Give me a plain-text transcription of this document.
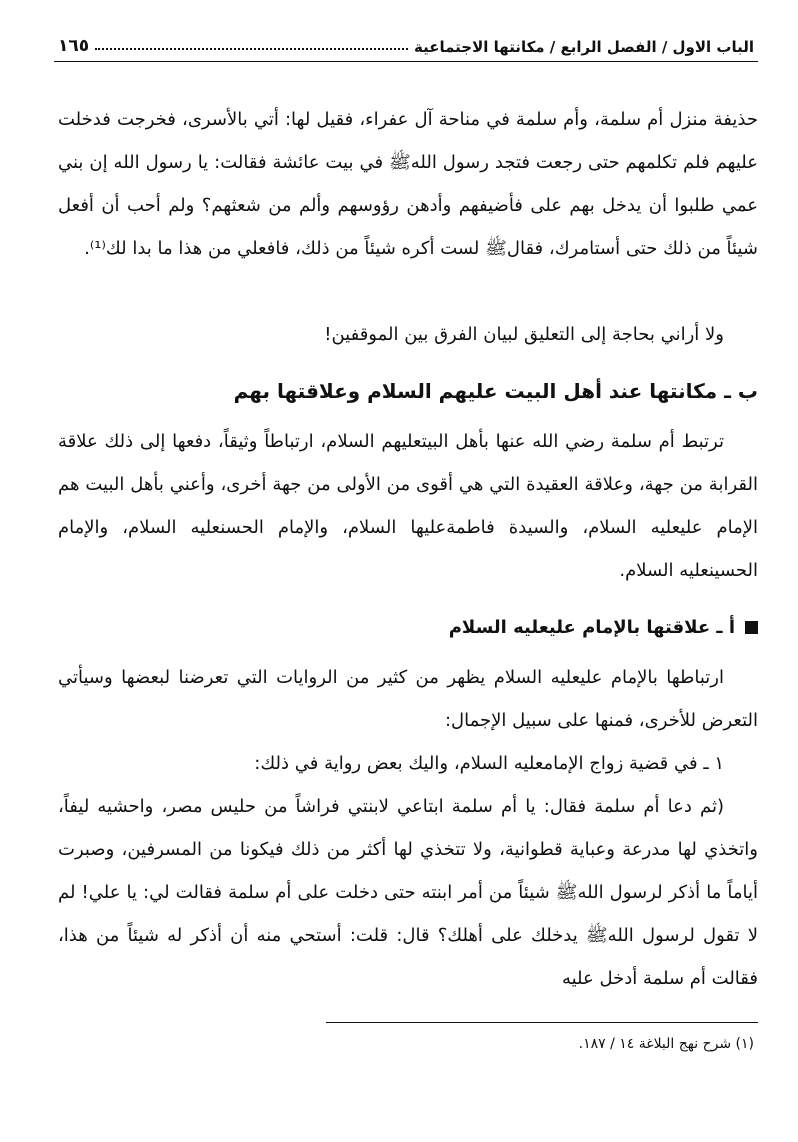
الباب الاول / الفصل الرابع / مكانتها الاجتماعية
١٦٥

حذيفة منزل أم سلمة، وأم سلمة في مناحة آل عفراء، فقيل لها: أتي بالأسرى، فخرجت فدخلت عليهم فلم تكلمهم حتى رجعت فتجد رسول اللهﷺ في بيت عائشة فقالت: يا رسول الله إن بني عمي طلبوا أن يدخل بهم على فأضيفهم وأدهن رؤوسهم وألم من شعثهم؟ ولم أحب أن أفعل شيئاً من ذلك حتى أستامرك، فقالﷺ لست أكره شيئاً من ذلك، فافعلي من هذا ما بدا لك⁽¹⁾.

ولا أراني بحاجة إلى التعليق لبيان الفرق بين الموقفين!

ب ـ مكانتها عند أهل البيت عليهم السلام وعلاقتها بهم

ترتبط أم سلمة رضي الله عنها بأهل البيتعليهم السلام، ارتباطاً وثيقاً، دفعها إلى ذلك علاقة القرابة من جهة، وعلاقة العقيدة التي هي أقوى من الأولى من جهة أخرى، وأعني بأهل البيت هم الإمام عليعليه السلام، والسيدة فاطمةعليها السلام، والإمام الحسنعليه السلام، والإمام الحسينعليه السلام.

أ ـ علاقتها بالإمام عليعليه السلام

ارتباطها بالإمام عليعليه السلام يظهر من كثير من الروايات التي تعرضنا لبعضها وسيأتي التعرض للأخرى، فمنها على سبيل الإجمال:

١ ـ في قضية زواج الإمامعليه السلام، واليك بعض رواية في ذلك:

(ثم دعا أم سلمة فقال: يا أم سلمة ابتاعي لابنتي فراشاً من حليس مصر، واحشيه ليفاً، واتخذي لها مدرعة وعباية قطوانية، ولا تتخذي لها أكثر من ذلك فيكونا من المسرفين، وصبرت أياماً ما أذكر لرسول اللهﷺ شيئاً من أمر ابنته حتى دخلت على أم سلمة فقالت لي: يا علي! لم لا تقول لرسول اللهﷺ يدخلك على أهلك؟ قال: قلت: أستحي منه أن أذكر له شيئاً من هذا، فقالت أم سلمة أدخل عليه

(١) شرح نهج البلاغة ١٤ / ١٨٧.
